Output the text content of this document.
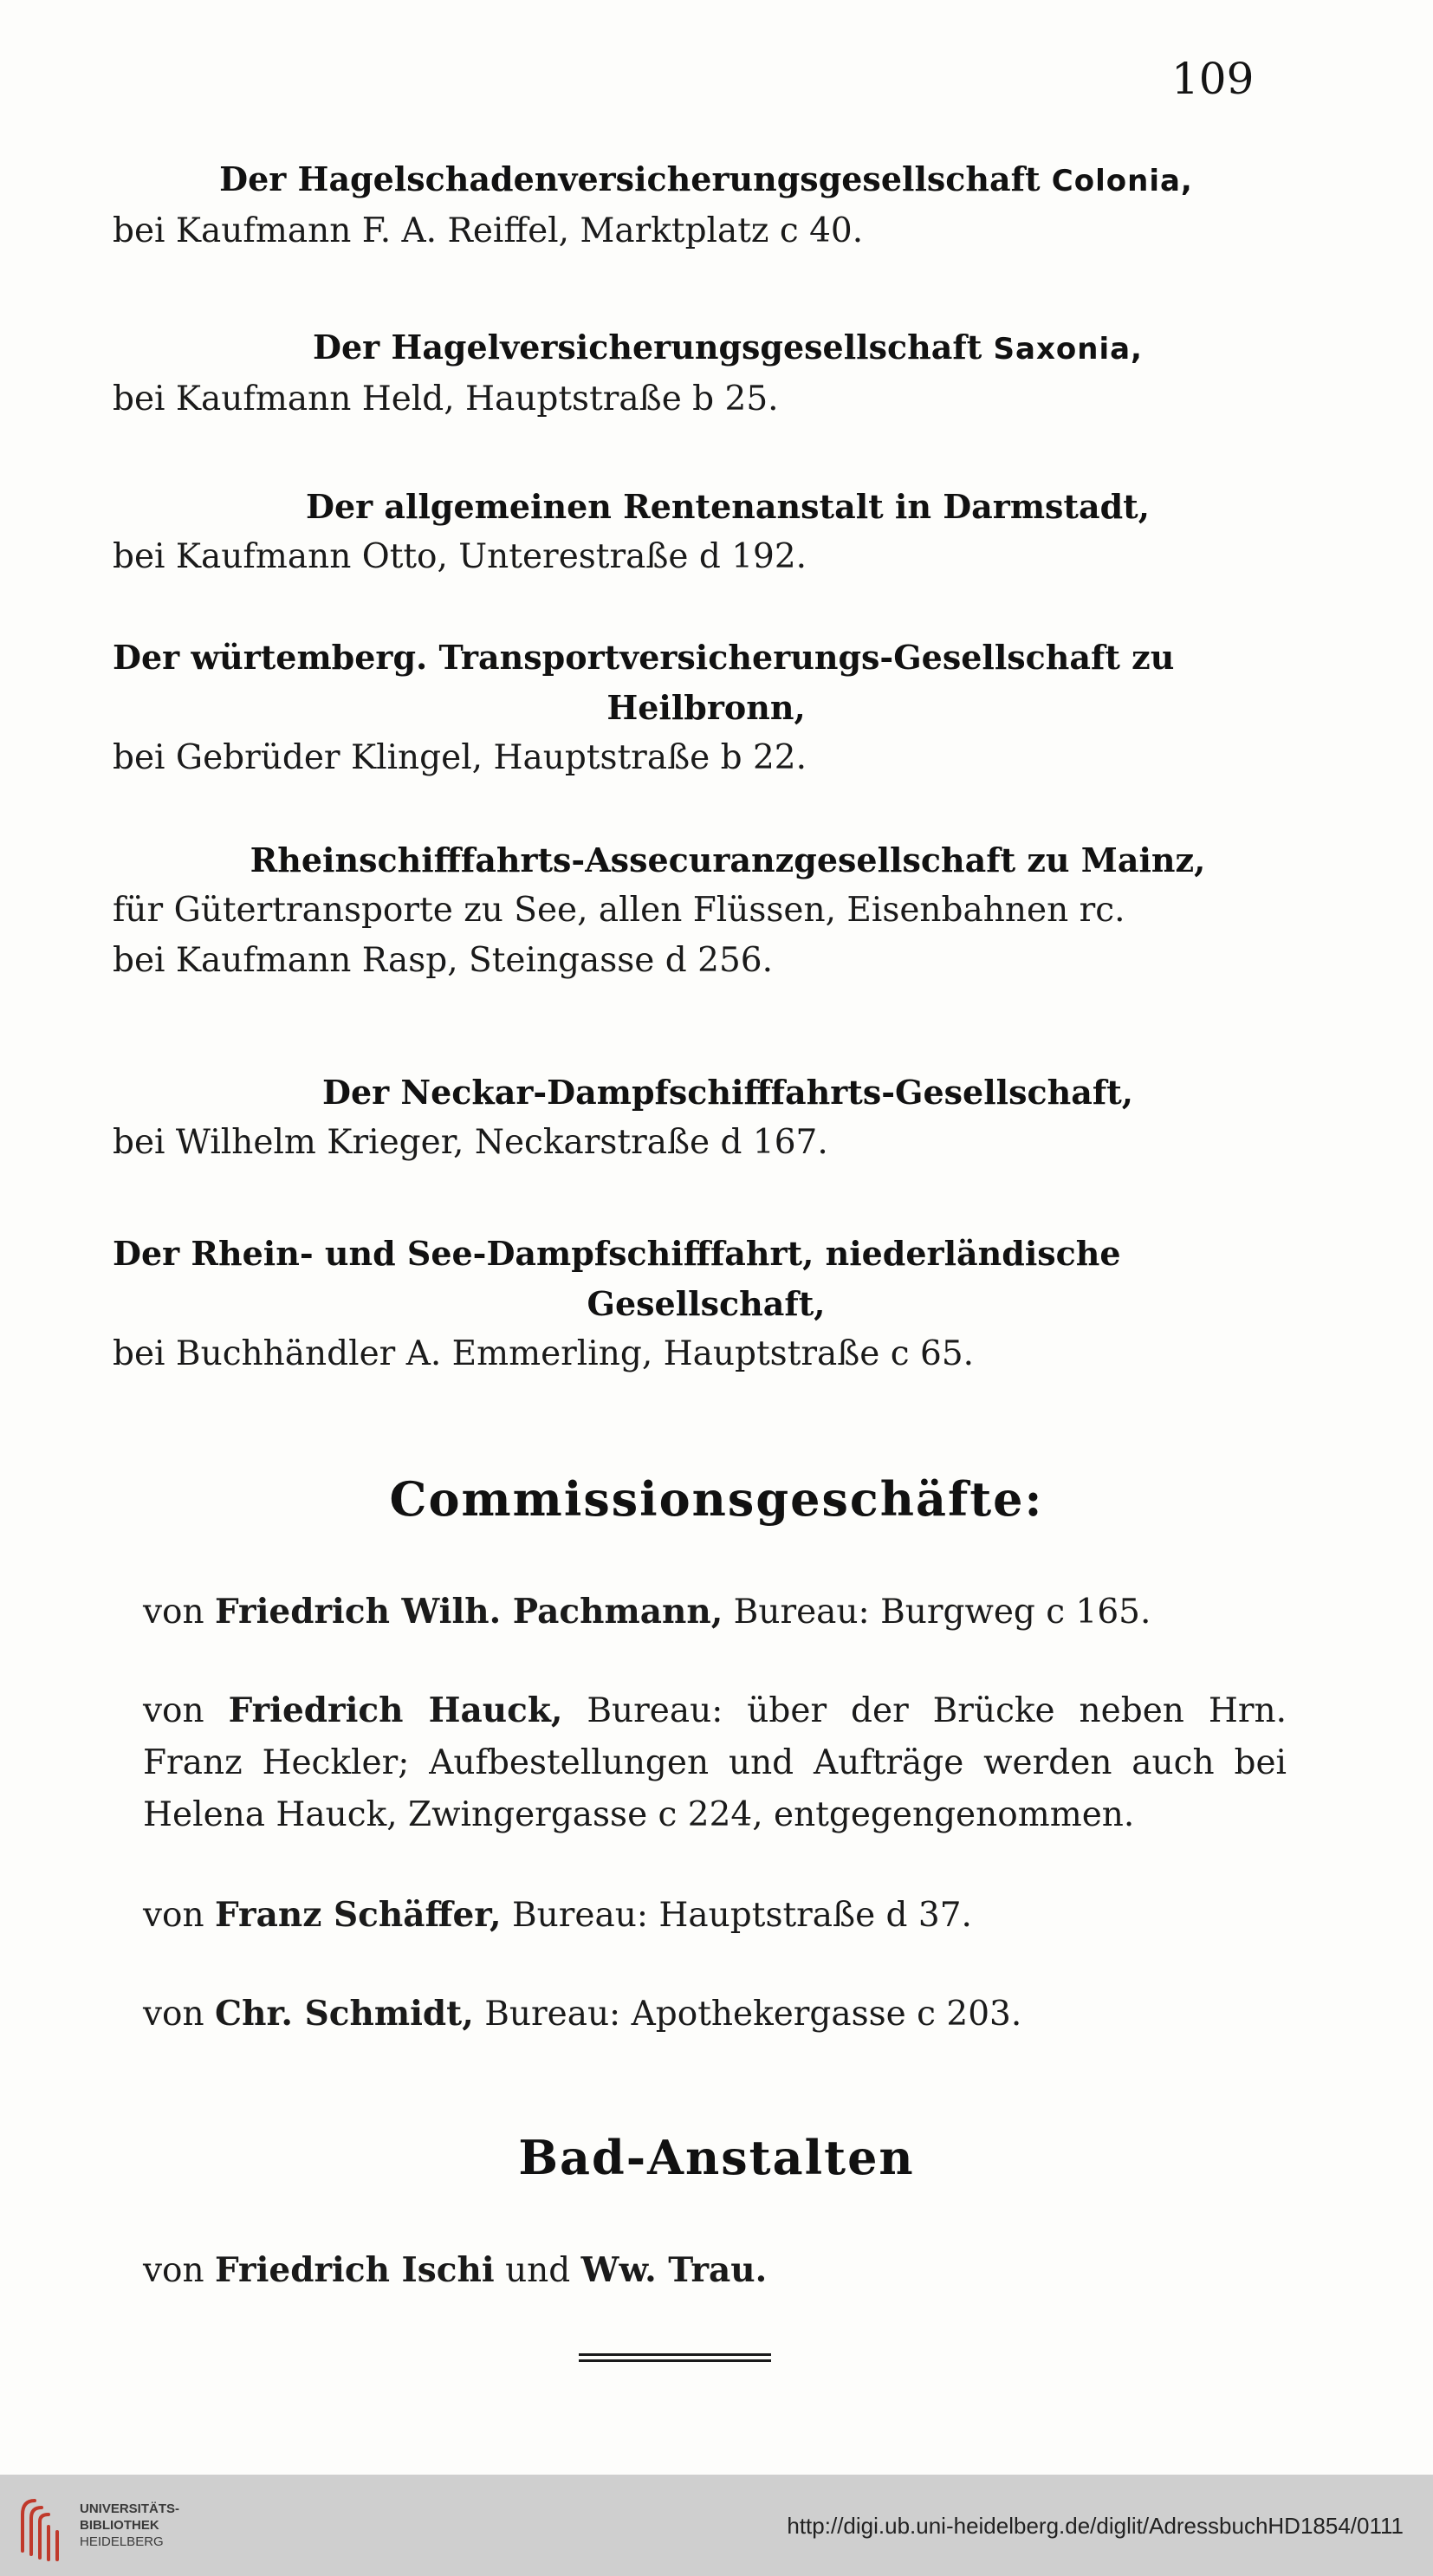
109
Der Hagelschadenversicherungsgesellschaft Colonia,
bei Kaufmann F. A. Reiffel, Marktplatz c 40.
Der Hagelversicherungsgesellschaft Saxonia,
bei Kaufmann Held, Hauptstraße b 25.
Der allgemeinen Rentenanstalt in Darmstadt,
bei Kaufmann Otto, Unterestraße d 192.
Der würtemberg. Transportversicherungs-Gesellschaft zu
Heilbronn,
bei Gebrüder Klingel, Hauptstraße b 22.
Rheinschifffahrts-Assecuranzgesellschaft zu Mainz,
für Gütertransporte zu See, allen Flüssen, Eisenbahnen rc.
bei Kaufmann Rasp, Steingasse d 256.
Der Neckar-Dampfschifffahrts-Gesellschaft,
bei Wilhelm Krieger, Neckarstraße d 167.
Der Rhein- und See-Dampfschifffahrt, niederländische
Gesellschaft,
bei Buchhändler A. Emmerling, Hauptstraße c 65.
Commissionsgeschäfte:
von Friedrich Wilh. Pachmann, Bureau: Burgweg c 165.
von Friedrich Hauck, Bureau: über der Brücke neben Hrn. Franz Heckler; Aufbestellungen und Aufträge werden auch bei Helena Hauck, Zwingergasse c 224, entgegengenommen.
von Franz Schäffer, Bureau: Hauptstraße d 37.
von Chr. Schmidt, Bureau: Apothekergasse c 203.
Bad-Anstalten
von Friedrich Ischi und Ww. Trau.
UNIVERSITÄTS-
BIBLIOTHEK
HEIDELBERG
http://digi.ub.uni-heidelberg.de/diglit/AdressbuchHD1854/0111
